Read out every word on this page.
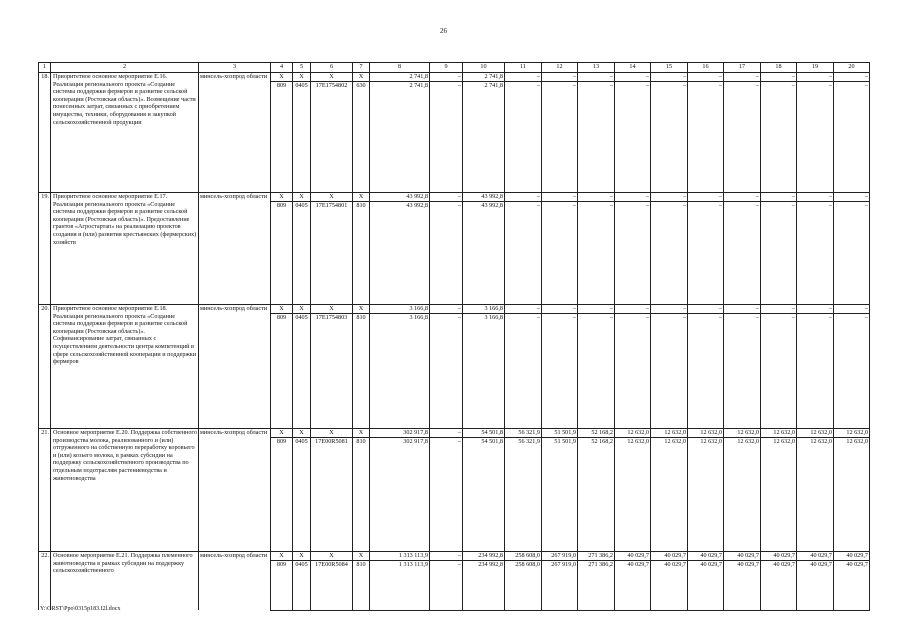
26
1	2	3	4	5	6	7	8	9	10	11	12	13	14	15	16	17	18	19	20
18.	Приоритетное основное мероприятие Е.16. Реализация регионального проекта «Создание системы поддержки фермеров и развитие сельской кооперации (Ростовская область)». Возмещение части понесенных затрат, связанных с приобретением имущества, техники, оборудования и закупкой сельскохозяйственной продукции	минсель-хозпрод области	X	X	X	X	2 741,8	–	2 741,8	–	–	–	–	–	–	–	–	–	–
			809	0405	17E1754802	630	2 741,8	–	2 741,8	–	–	–	–	–	–	–	–	–	–
19.	Приоритетное основное мероприятие Е.17. Реализация регионального проекта «Создание системы поддержки фермеров и развитие сельской кооперации (Ростовская область)». Предоставление грантов «Агростартап» на реализацию проектов создания и (или) развития крестьянских (фермерских) хозяйств	минсель-хозпрод области	X	X	X	X	43 992,8	–	43 992,8	–	–	–	–	–	–	–	–	–	–
			809	0405	17E1754801	810	43 992,8	–	43 992,8	–	–	–	–	–	–	–	–	–	–
20.	Приоритетное основное мероприятие Е.18. Реализация регионального проекта «Создание системы поддержки фермеров и развитие сельской кооперации (Ростовская область)». Софинансирование затрат, связанных с осуществлением деятельности центра компетенций в сфере сельскохозяйственной кооперации и поддержки фермеров	минсель-хозпрод области	X	X	X	X	3 166,8	–	3 166,8	–	–	–	–	–	–	–	–	–	–
			809	0405	17E1754803	810	3 166,8	–	3 166,8	–	–	–	–	–	–	–	–	–	–
21.	Основное мероприятие Е.20. Поддержка собственного производства молока, реализованного и (или) отгруженного на собственную переработку коровьего и (или) козьего молока, в рамках субсидии на поддержку сельскохозяйственного производства по отдельным подотраслям растениеводства и животноводства	минсель-хозпрод области	X	X	X	X	302 917,8	–	54 501,8	56 321,9	51 501,9	52 168,2	12 632,0	12 632,0	12 632,0	12 632,0	12 632,0	12 632,0	12 632,0
			809	0405	17E00R5081	810	302 917,8	–	54 501,8	56 321,9	51 501,9	52 168,2	12 632,0	12 632,0	12 632,0	12 632,0	12 632,0	12 632,0	12 632,0
22.	Основное мероприятие Е.21. Поддержка племенного животноводства в рамках субсидии на поддержку сельскохозяйственного	минсель-хозпрод области	X	X	X	X	1 313 113,9	–	234 992,8	258 608,0	267 919,0	271 386,2	40 029,7	40 029,7	40 029,7	40 029,7	40 029,7	40 029,7	40 029,7
			809	0405	17E00R5084	810	1 313 113,9	–	234 992,8	258 608,0	267 919,0	271 386,2	40 029,7	40 029,7	40 029,7	40 029,7	40 029,7	40 029,7	40 029,7
Y:\ORST\Ppo\0315p183.f2l.docx
